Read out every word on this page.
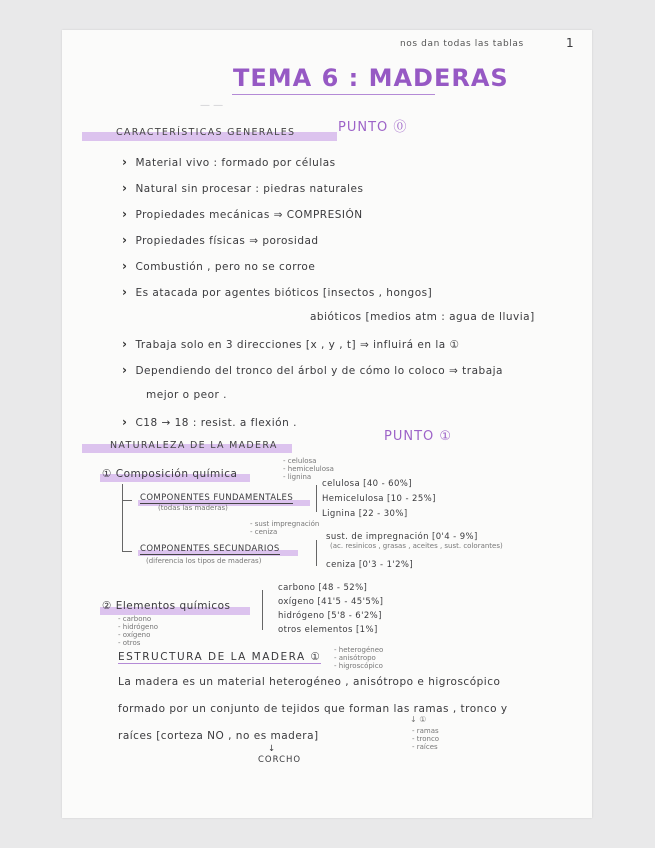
nos dan todas las tablas	1
TEMA 6 : MADERAS
— —
PUNTO ⓪
CARACTERÍSTICAS GENERALES
› Material vivo : formado por células
› Natural sin procesar : piedras naturales
› Propiedades mecánicas ⇒ COMPRESIÓN
› Propiedades físicas ⇒ porosidad
› Combustión , pero no se corroe
› Es atacada por agentes bióticos [insectos , hongos]
abióticos [medios atm : agua de lluvia]
› Trabaja solo en 3 direcciones [x , y , t] ⇒ influirá en la ①
› Dependiendo del tronco del árbol y de cómo lo coloco ⇒ trabaja
mejor o peor .
› C18 → 18 : resist. a flexión .
PUNTO ①
NATURALEZA DE LA MADERA
① Composición química
- celulosa
- hemicelulosa
- lignina
COMPONENTES FUNDAMENTALES
(todas las maderas)
celulosa [40 - 60%]
Hemicelulosa [10 - 25%]
Lignina [22 - 30%]
- sust impregnación
- ceniza
COMPONENTES SECUNDARIOS
(diferencia los tipos de maderas)
sust. de impregnación [0'4 - 9%]
(ac. resinicos , grasas , aceites , sust. colorantes)
ceniza [0'3 - 1'2%]
② Elementos químicos
- carbono
- hidrógeno
- oxígeno
- otros
carbono [48 - 52%]
oxígeno [41'5 - 45'5%]
hidrógeno [5'8 - 6'2%]
otros elementos [1%]
ESTRUCTURA DE LA MADERA ①
- heterogéneo
- anisótropo
- higroscópico
La madera es un material heterogéneo , anisótropo e higroscópico
formado por un conjunto de tejidos que forman las ramas , tronco y
raíces [corteza NO , no es madera]
↓ ①
- ramas
- tronco
- raíces
↓
CORCHO
